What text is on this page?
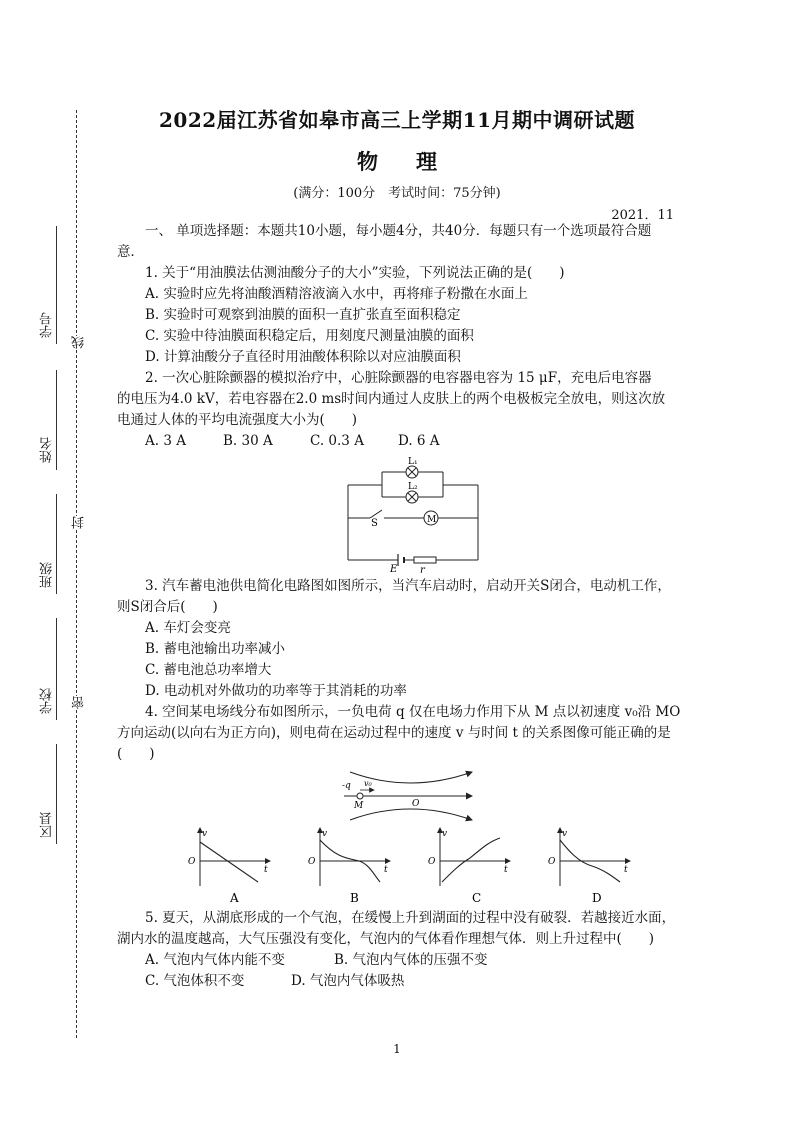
学号
姓名
班级
学校
区县
线
封
密
2022届江苏省如皋市高三上学期11月期中调研试题
物理
(满分：100分　考试时间：75分钟)
2021．11
一、 单项选择题：本题共10小题，每小题4分，共40分．每题只有一个选项最符合题
意．
1. 关于“用油膜法估测油酸分子的大小”实验，下列说法正确的是(　　)
A. 实验时应先将油酸酒精溶液滴入水中，再将痱子粉撒在水面上
B. 实验时可观察到油膜的面积一直扩张直至面积稳定
C. 实验中待油膜面积稳定后，用刻度尺测量油膜的面积
D. 计算油酸分子直径时用油酸体积除以对应油膜面积
2. 一次心脏除颤器的模拟治疗中，心脏除颤器的电容器电容为 15 μF，充电后电容器
的电压为4.0 kV，若电容器在2.0 ms时间内通过人皮肤上的两个电极板完全放电，则这次放
电通过人体的平均电流强度大小为(　　)
A. 3 A	B. 30 A	C. 0.3 A	D. 6 A
L₁
L₂
S	M
E r
3. 汽车蓄电池供电简化电路图如图所示，当汽车启动时，启动开关S闭合，电动机工作，
则S闭合后(　　)
A. 车灯会变亮
B. 蓄电池输出功率减小
C. 蓄电池总功率增大
D. 电动机对外做功的功率等于其消耗的功率
4. 空间某电场线分布如图所示，一负电荷 q 仅在电场力作用下从 M 点以初速度 v₀沿 MO
方向运动(以向右为正方向)，则电荷在运动过程中的速度 v 与时间 t 的关系图像可能正确的是
(　　)
-q v₀
M	O
v
t
O
A
v
t
O
B
v
t
O
C
v
t
O
D
5. 夏天，从湖底形成的一个气泡，在缓慢上升到湖面的过程中没有破裂．若越接近水面，
湖内水的温度越高，大气压强没有变化，气泡内的气体看作理想气体．则上升过程中(　　)
A. 气泡内气体内能不变	B. 气泡内气体的压强不变
C. 气泡体积不变	D. 气泡内气体吸热
1
